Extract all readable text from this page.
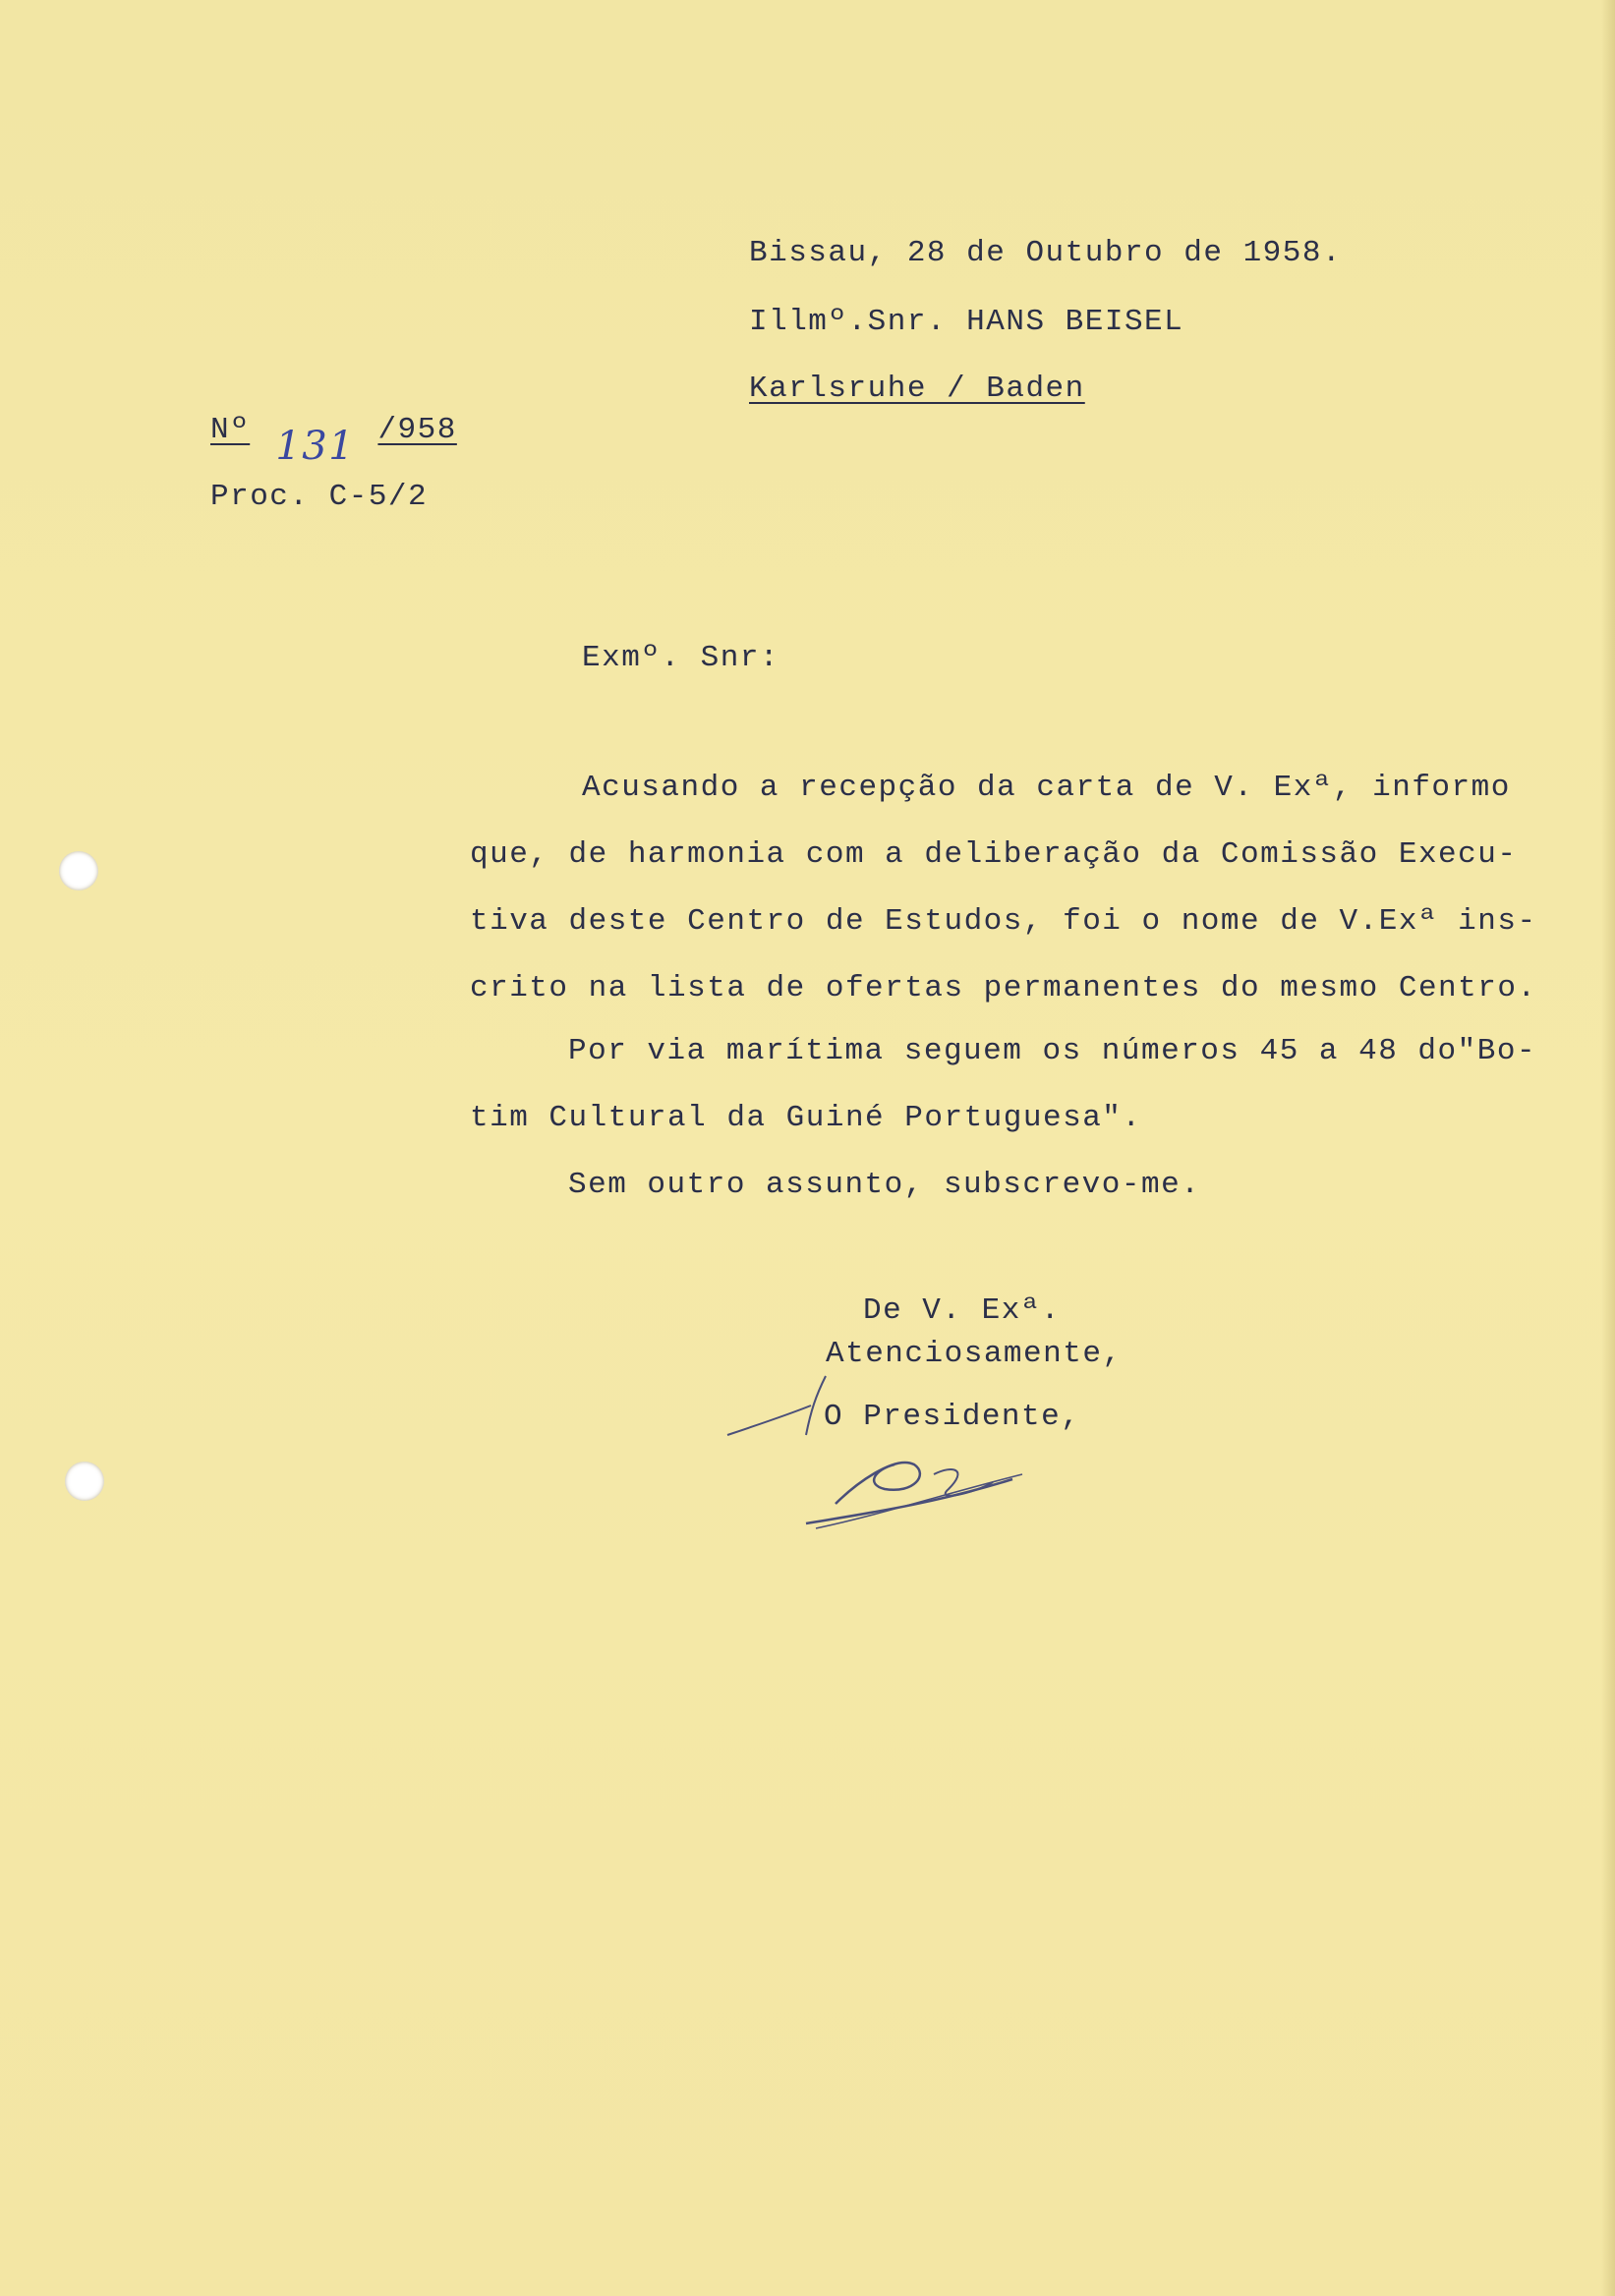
Bissau, 28 de Outubro de 1958.
Illmº.Snr. HANS BEISEL
Karlsruhe / Baden
Nº 131 /958
Proc. C-5/2
Exmº. Snr:
Acusando a recepção da carta de V. Exª, informo
que, de harmonia com a deliberação da Comissão Execu-
tiva deste Centro de Estudos, foi o nome de V.Exª ins-
crito na lista de ofertas permanentes do mesmo Centro.
Por via marítima seguem os números 45 a 48 do"Bo-
tim Cultural da Guiné Portuguesa".
Sem outro assunto, subscrevo-me.
De V. Exª.
Atenciosamente,
O Presidente,
